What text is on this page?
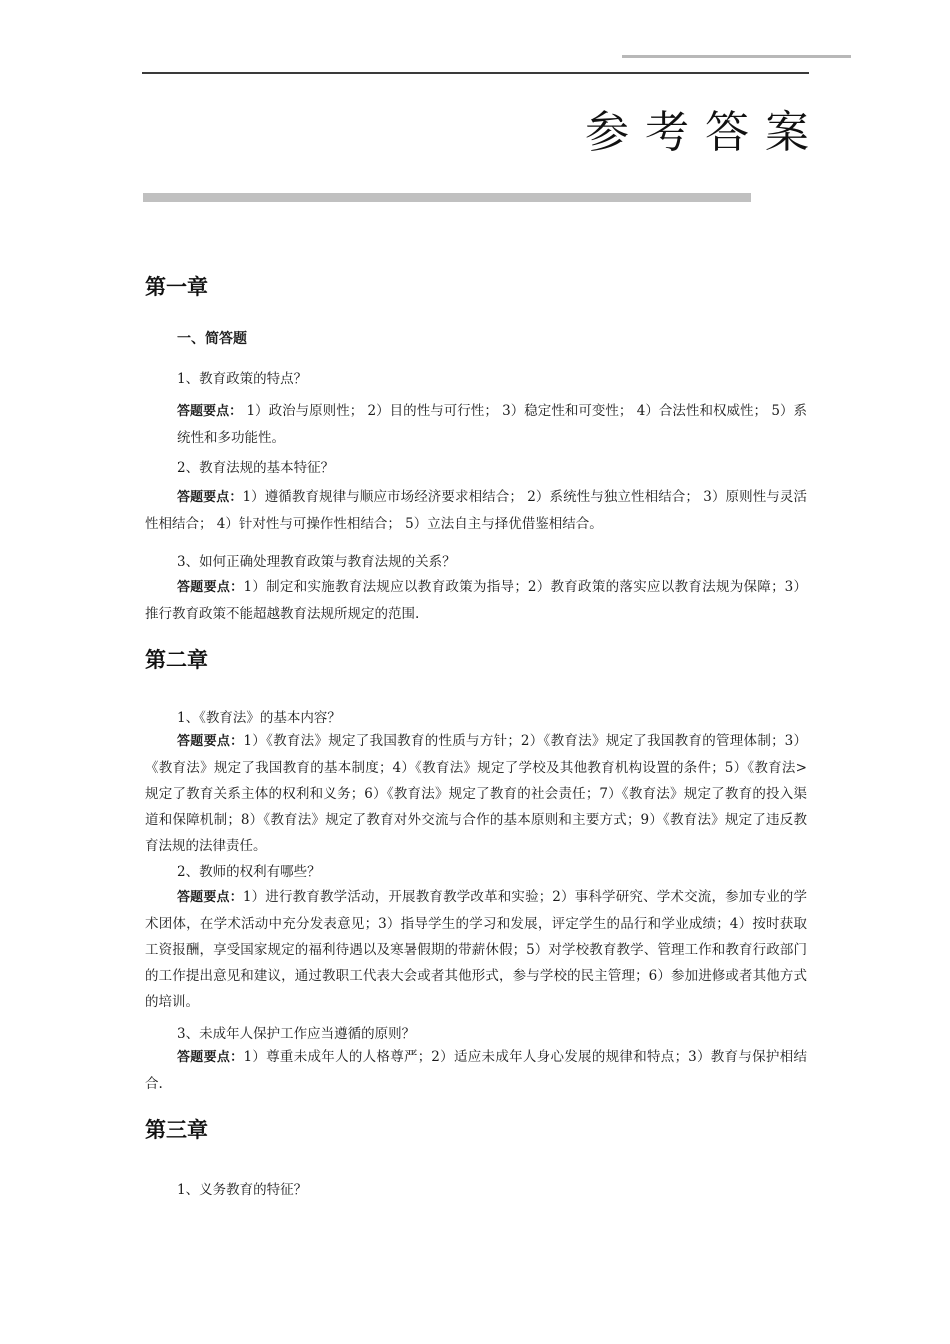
参考答案
第一章
一、简答题
1、教育政策的特点？
答题要点： 1）政治与原则性； 2）目的性与可行性； 3）稳定性和可变性； 4）合法性和权威性； 5）系统性和多功能性。
2、教育法规的基本特征？
答题要点：1）遵循教育规律与顺应市场经济要求相结合； 2）系统性与独立性相结合； 3）原则性与灵活性相结合； 4）针对性与可操作性相结合； 5）立法自主与择优借鉴相结合。
3、如何正确处理教育政策与教育法规的关系？
答题要点：1）制定和实施教育法规应以教育政策为指导；2）教育政策的落实应以教育法规为保障；3）推行教育政策不能超越教育法规所规定的范围.
第二章
1、《教育法》的基本内容？
答题要点：1）《教育法》规定了我国教育的性质与方针；2）《教育法》规定了我国教育的管理体制；3）《教育法》规定了我国教育的基本制度；4）《教育法》规定了学校及其他教育机构设置的条件；5）《教育法>规定了教育关系主体的权利和义务；6）《教育法》规定了教育的社会责任；7）《教育法》规定了教育的投入渠道和保障机制；8）《教育法》规定了教育对外交流与合作的基本原则和主要方式；9）《教育法》规定了违反教育法规的法律责任。
2、教师的权利有哪些？
答题要点：1）进行教育教学活动，开展教育教学改革和实验；2）事科学研究、学术交流，参加专业的学术团体，在学术活动中充分发表意见；3）指导学生的学习和发展，评定学生的品行和学业成绩；4）按时获取工资报酬，享受国家规定的福利待遇以及寒暑假期的带薪休假；5）对学校教育教学、管理工作和教育行政部门的工作提出意见和建议，通过教职工代表大会或者其他形式，参与学校的民主管理；6）参加进修或者其他方式的培训。
3、未成年人保护工作应当遵循的原则？
答题要点：1）尊重未成年人的人格尊严；2）适应未成年人身心发展的规律和特点；3）教育与保护相结合.
第三章
1、义务教育的特征？
